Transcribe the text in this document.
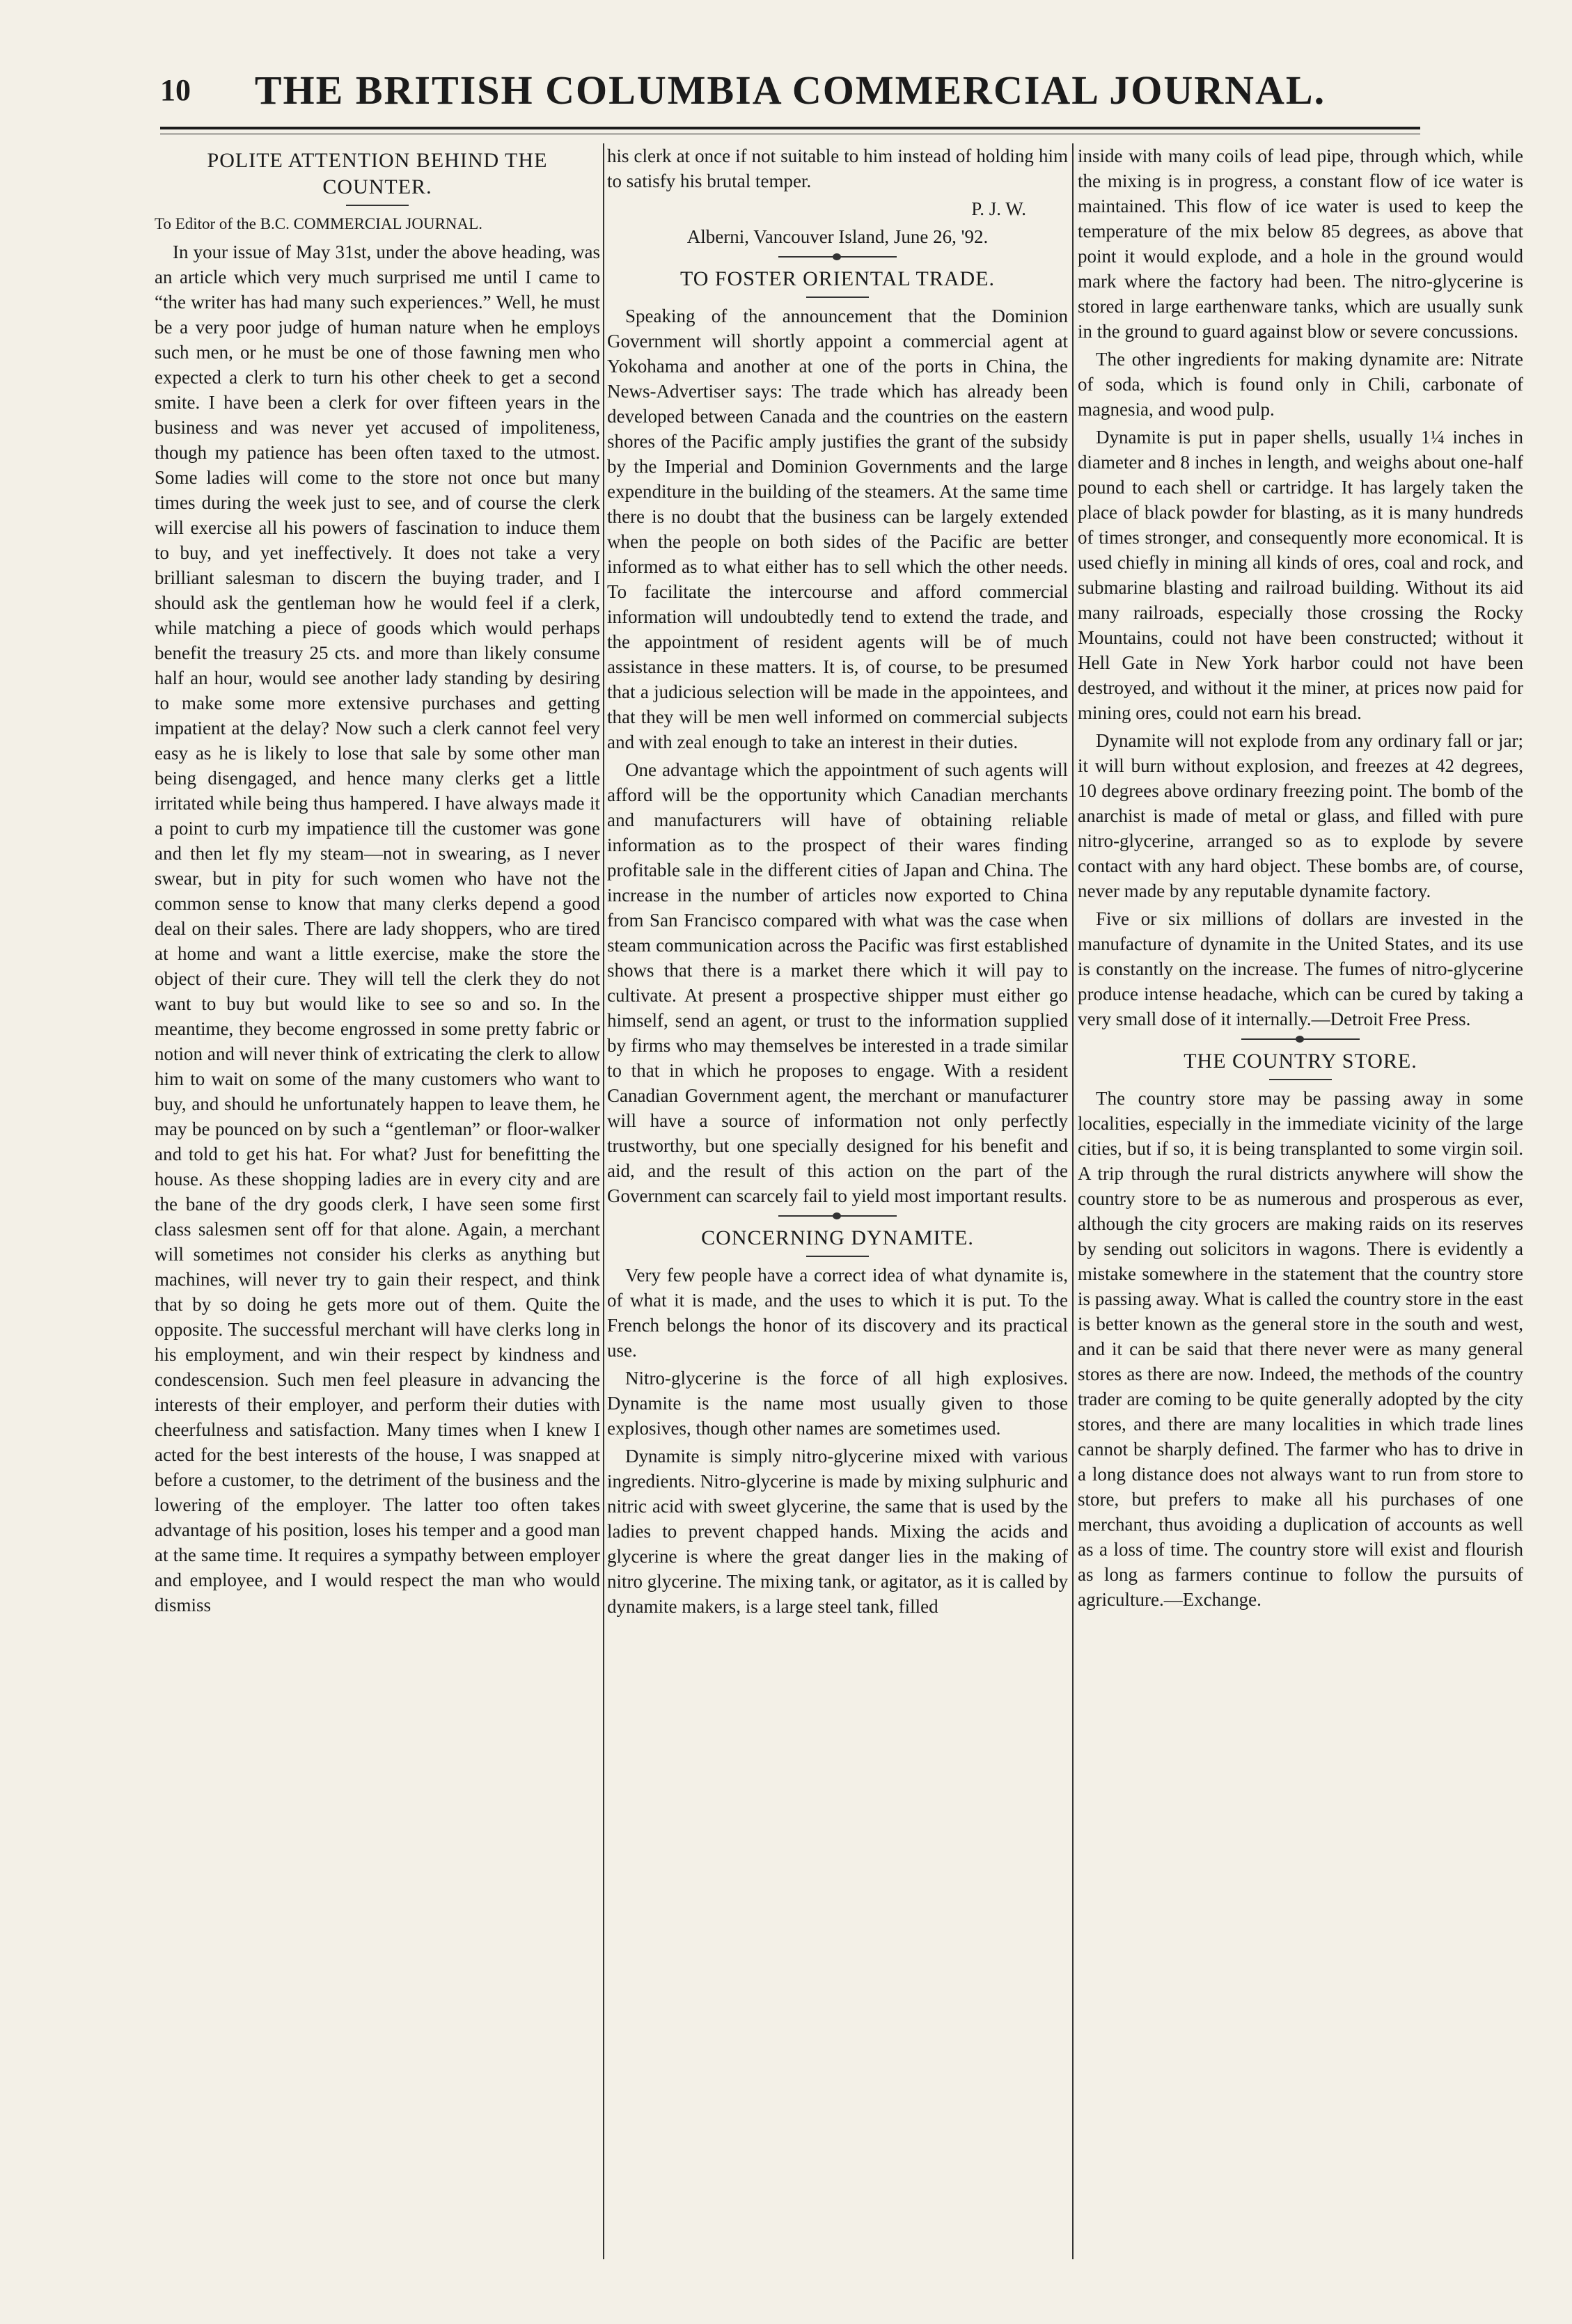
10	THE BRITISH COLUMBIA COMMERCIAL JOURNAL.
POLITE ATTENTION BEHIND THE COUNTER.

To Editor of the B.C. COMMERCIAL JOURNAL.

In your issue of May 31st, under the above heading, was an article which very much surprised me until I came to “the writer has had many such experiences.” Well, he must be a very poor judge of human nature when he employs such men, or he must be one of those fawning men who expected a clerk to turn his other cheek to get a second smite. I have been a clerk for over fifteen years in the business and was never yet accused of impoliteness, though my patience has been often taxed to the utmost. Some ladies will come to the store not once but many times during the week just to see, and of course the clerk will exercise all his powers of fascination to induce them to buy, and yet ineffectively. It does not take a very brilliant salesman to discern the buying trader, and I should ask the gentleman how he would feel if a clerk, while matching a piece of goods which would perhaps benefit the treasury 25 cts. and more than likely consume half an hour, would see another lady standing by desiring to make some more extensive purchases and getting impatient at the delay? Now such a clerk cannot feel very easy as he is likely to lose that sale by some other man being disengaged, and hence many clerks get a little irritated while being thus hampered. I have always made it a point to curb my impatience till the customer was gone and then let fly my steam—not in swearing, as I never swear, but in pity for such women who have not the common sense to know that many clerks depend a good deal on their sales. There are lady shoppers, who are tired at home and want a little exercise, make the store the object of their cure. They will tell the clerk they do not want to buy but would like to see so and so. In the meantime, they become engrossed in some pretty fabric or notion and will never think of extricating the clerk to allow him to wait on some of the many customers who want to buy, and should he unfortunately happen to leave them, he may be pounced on by such a “gentleman” or floor-walker and told to get his hat. For what? Just for benefitting the house. As these shopping ladies are in every city and are the bane of the dry goods clerk, I have seen some first class salesmen sent off for that alone. Again, a merchant will sometimes not consider his clerks as anything but machines, will never try to gain their respect, and think that by so doing he gets more out of them. Quite the opposite. The successful merchant will have clerks long in his employment, and win their respect by kindness and condescension. Such men feel pleasure in advancing the interests of their employer, and perform their duties with cheerfulness and satisfaction. Many times when I knew I acted for the best interests of the house, I was snapped at before a customer, to the detriment of the business and the lowering of the employer. The latter too often takes advantage of his position, loses his temper and a good man at the same time. It requires a sympathy between employer and employee, and I would respect the man who would dismiss

his clerk at once if not suitable to him instead of holding him to satisfy his brutal temper.

P. J. W.

Alberni, Vancouver Island, June 26, '92.

TO FOSTER ORIENTAL TRADE.

Speaking of the announcement that the Dominion Government will shortly appoint a commercial agent at Yokohama and another at one of the ports in China, the News-Advertiser says: The trade which has already been developed between Canada and the countries on the eastern shores of the Pacific amply justifies the grant of the subsidy by the Imperial and Dominion Governments and the large expenditure in the building of the steamers. At the same time there is no doubt that the business can be largely extended when the people on both sides of the Pacific are better informed as to what either has to sell which the other needs. To facilitate the intercourse and afford commercial information will undoubtedly tend to extend the trade, and the appointment of resident agents will be of much assistance in these matters. It is, of course, to be presumed that a judicious selection will be made in the appointees, and that they will be men well informed on commercial subjects and with zeal enough to take an interest in their duties.

One advantage which the appointment of such agents will afford will be the opportunity which Canadian merchants and manufacturers will have of obtaining reliable information as to the prospect of their wares finding profitable sale in the different cities of Japan and China. The increase in the number of articles now exported to China from San Francisco compared with what was the case when steam communication across the Pacific was first established shows that there is a market there which it will pay to cultivate. At present a prospective shipper must either go himself, send an agent, or trust to the information supplied by firms who may themselves be interested in a trade similar to that in which he proposes to engage. With a resident Canadian Government agent, the merchant or manufacturer will have a source of information not only perfectly trustworthy, but one specially designed for his benefit and aid, and the result of this action on the part of the Government can scarcely fail to yield most important results.

CONCERNING DYNAMITE.

Very few people have a correct idea of what dynamite is, of what it is made, and the uses to which it is put. To the French belongs the honor of its discovery and its practical use.

Nitro-glycerine is the force of all high explosives. Dynamite is the name most usually given to those explosives, though other names are sometimes used.

Dynamite is simply nitro-glycerine mixed with various ingredients. Nitro-glycerine is made by mixing sulphuric and nitric acid with sweet glycerine, the same that is used by the ladies to prevent chapped hands. Mixing the acids and glycerine is where the great danger lies in the making of nitro glycerine. The mixing tank, or agitator, as it is called by dynamite makers, is a large steel tank, filled

inside with many coils of lead pipe, through which, while the mixing is in progress, a constant flow of ice water is maintained. This flow of ice water is used to keep the temperature of the mix below 85 degrees, as above that point it would explode, and a hole in the ground would mark where the factory had been. The nitro-glycerine is stored in large earthenware tanks, which are usually sunk in the ground to guard against blow or severe concussions.

The other ingredients for making dynamite are: Nitrate of soda, which is found only in Chili, carbonate of magnesia, and wood pulp.

Dynamite is put in paper shells, usually 1¼ inches in diameter and 8 inches in length, and weighs about one-half pound to each shell or cartridge. It has largely taken the place of black powder for blasting, as it is many hundreds of times stronger, and consequently more economical. It is used chiefly in mining all kinds of ores, coal and rock, and submarine blasting and railroad building. Without its aid many railroads, especially those crossing the Rocky Mountains, could not have been constructed; without it Hell Gate in New York harbor could not have been destroyed, and without it the miner, at prices now paid for mining ores, could not earn his bread.

Dynamite will not explode from any ordinary fall or jar; it will burn without explosion, and freezes at 42 degrees, 10 degrees above ordinary freezing point. The bomb of the anarchist is made of metal or glass, and filled with pure nitro-glycerine, arranged so as to explode by severe contact with any hard object. These bombs are, of course, never made by any reputable dynamite factory.

Five or six millions of dollars are invested in the manufacture of dynamite in the United States, and its use is constantly on the increase. The fumes of nitro-glycerine produce intense headache, which can be cured by taking a very small dose of it internally.—Detroit Free Press.

THE COUNTRY STORE.

The country store may be passing away in some localities, especially in the immediate vicinity of the large cities, but if so, it is being transplanted to some virgin soil. A trip through the rural districts anywhere will show the country store to be as numerous and prosperous as ever, although the city grocers are making raids on its reserves by sending out solicitors in wagons. There is evidently a mistake somewhere in the statement that the country store is passing away. What is called the country store in the east is better known as the general store in the south and west, and it can be said that there never were as many general stores as there are now. Indeed, the methods of the country trader are coming to be quite generally adopted by the city stores, and there are many localities in which trade lines cannot be sharply defined. The farmer who has to drive in a long distance does not always want to run from store to store, but prefers to make all his purchases of one merchant, thus avoiding a duplication of accounts as well as a loss of time. The country store will exist and flourish as long as farmers continue to follow the pursuits of agriculture.—Exchange.
